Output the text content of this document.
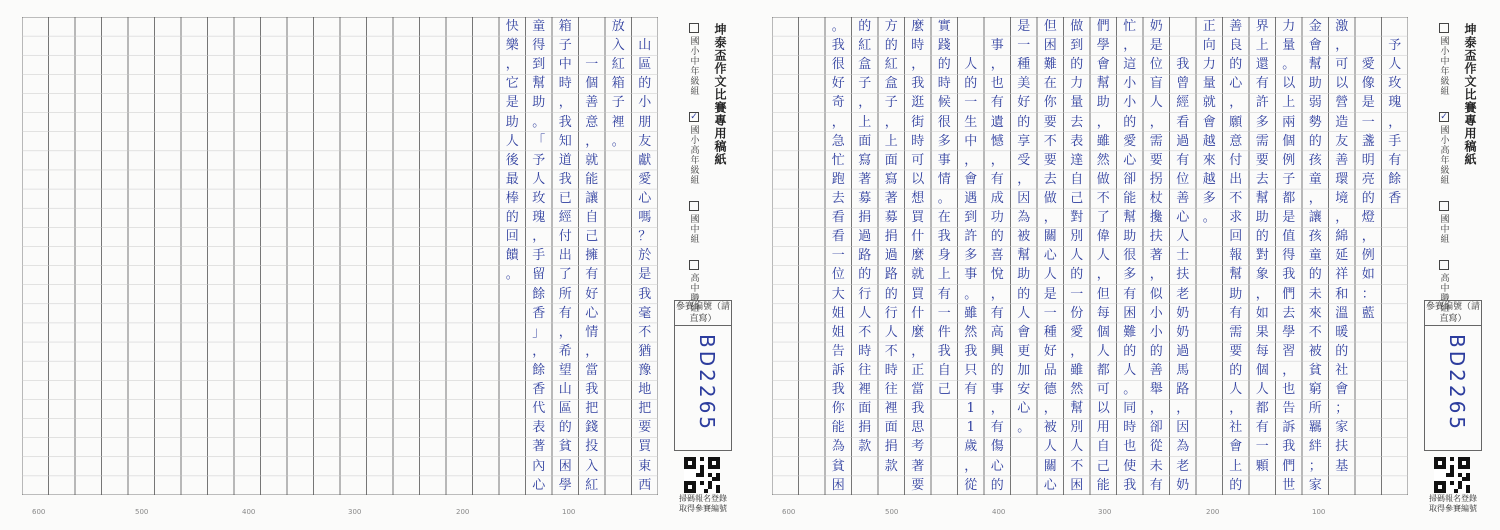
山
區
的
小
朋
友
獻
愛
心
嗎
？
於
是
我
毫
不
猶
豫
地
把
要
買
東
西
放
入
紅
箱
子
裡
。

一
個
善
意
，
就
能
讓
自
己
擁
有
好
心
情
，
當
我
把
錢
投
入
紅
箱
子
中
時
，
我
知
道
我
已
經
付
出
了
所
有
，
希
望
山
區
的
貧
困
學
童
得
到
幫
助
。
「
予
人
玫
瑰
，
手
留
餘
香
」
，
餘
香
代
表
著
內
心
快
樂
，
它
是
助
人
後
最
棒
的
回
饋
。
坤泰盃作文比賽專用稿紙
國小中年級組
✓
國小高年級組
國中組
高中職組
參賽編號（請直寫）
BD2265
掃碼報名登錄
取得參賽編號
600	500	400	300	200	100

予
人
玫
瑰
，
手
有
餘
香

愛
像
是
一
盞
明
亮
的
燈
，
例
如
：
藍
激
，
可
以
營
造
友
善
環
境
，
綿
延
祥
和
溫
暖
的
社
會
；
家
扶
基
金
會
幫
助
弱
勢
的
孩
童
，
讓
孩
童
的
未
來
不
被
貧
窮
所
羈
絆
；
家
力
量
。
以
上
兩
個
例
子
都
是
值
得
我
們
去
學
習
，
也
告
訴
我
們
世
界
上
還
有
許
多
需
要
去
幫
助
的
對
象
，
如
果
每
個
人
都
有
一
顆
善
良
的
心
，
願
意
付
出
不
求
回
報
幫
助
有
需
要
的
人
，
社
會
上
的
正
向
力
量
就
會
越
來
越
多
。

我
曾
經
看
過
有
位
善
心
人
士
扶
老
奶
奶
過
馬
路
，
因
為
老
奶
奶
是
位
盲
人
，
需
要
拐
杖
攙
扶
著
，
似
小
小
的
善
舉
，
卻
從
未
有
忙
，
這
小
小
的
愛
心
卻
能
幫
助
很
多
有
困
難
的
人
。
同
時
也
使
我
們
學
會
幫
助
，
雖
然
做
不
了
偉
人
，
但
每
個
人
都
可
以
用
自
己
能
做
到
的
力
量
去
表
達
自
己
對
別
人
的
一
份
愛
，
雖
然
幫
別
人
不
困
但
困
難
在
你
要
不
要
去
做
，
關
心
人
是
一
種
好
品
德
，
被
人
關
心
是
一
種
美
好
的
享
受
，
因
為
被
幫
助
的
人
會
更
加
安
心
。

事
，
也
有
遺
憾
，
有
成
功
的
喜
悅
，
有
高
興
的
事
，
有
傷
心
的

人
的
一
生
中
，
會
遇
到
許
多
事
。
雖
然
我
只
有
1
1
歲
，
從
實
踐
的
時
候
很
多
事
情
。
在
我
身
上
有
一
件
我
自
己
麼
時
，
我
逛
街
時
可
以
想
買
什
麼
就
買
什
麼
，
正
當
我
思
考
著
要
方
的
紅
盒
子
，
上
面
寫
著
募
捐
過
路
的
行
人
不
時
往
裡
面
捐
款
的
紅
盒
子
，
上
面
寫
著
募
捐
過
路
的
行
人
不
時
往
裡
面
捐
款
。
我
很
好
奇
，
急
忙
跑
去
看
看
一
位
大
姐
姐
告
訴
我
你
能
為
貧
困
坤泰盃作文比賽專用稿紙
國小中年級組
✓
國小高年級組
國中組
高中職組
參賽編號（請直寫）
BD2265
掃碼報名登錄
取得參賽編號
600	500	400	300	200	100
